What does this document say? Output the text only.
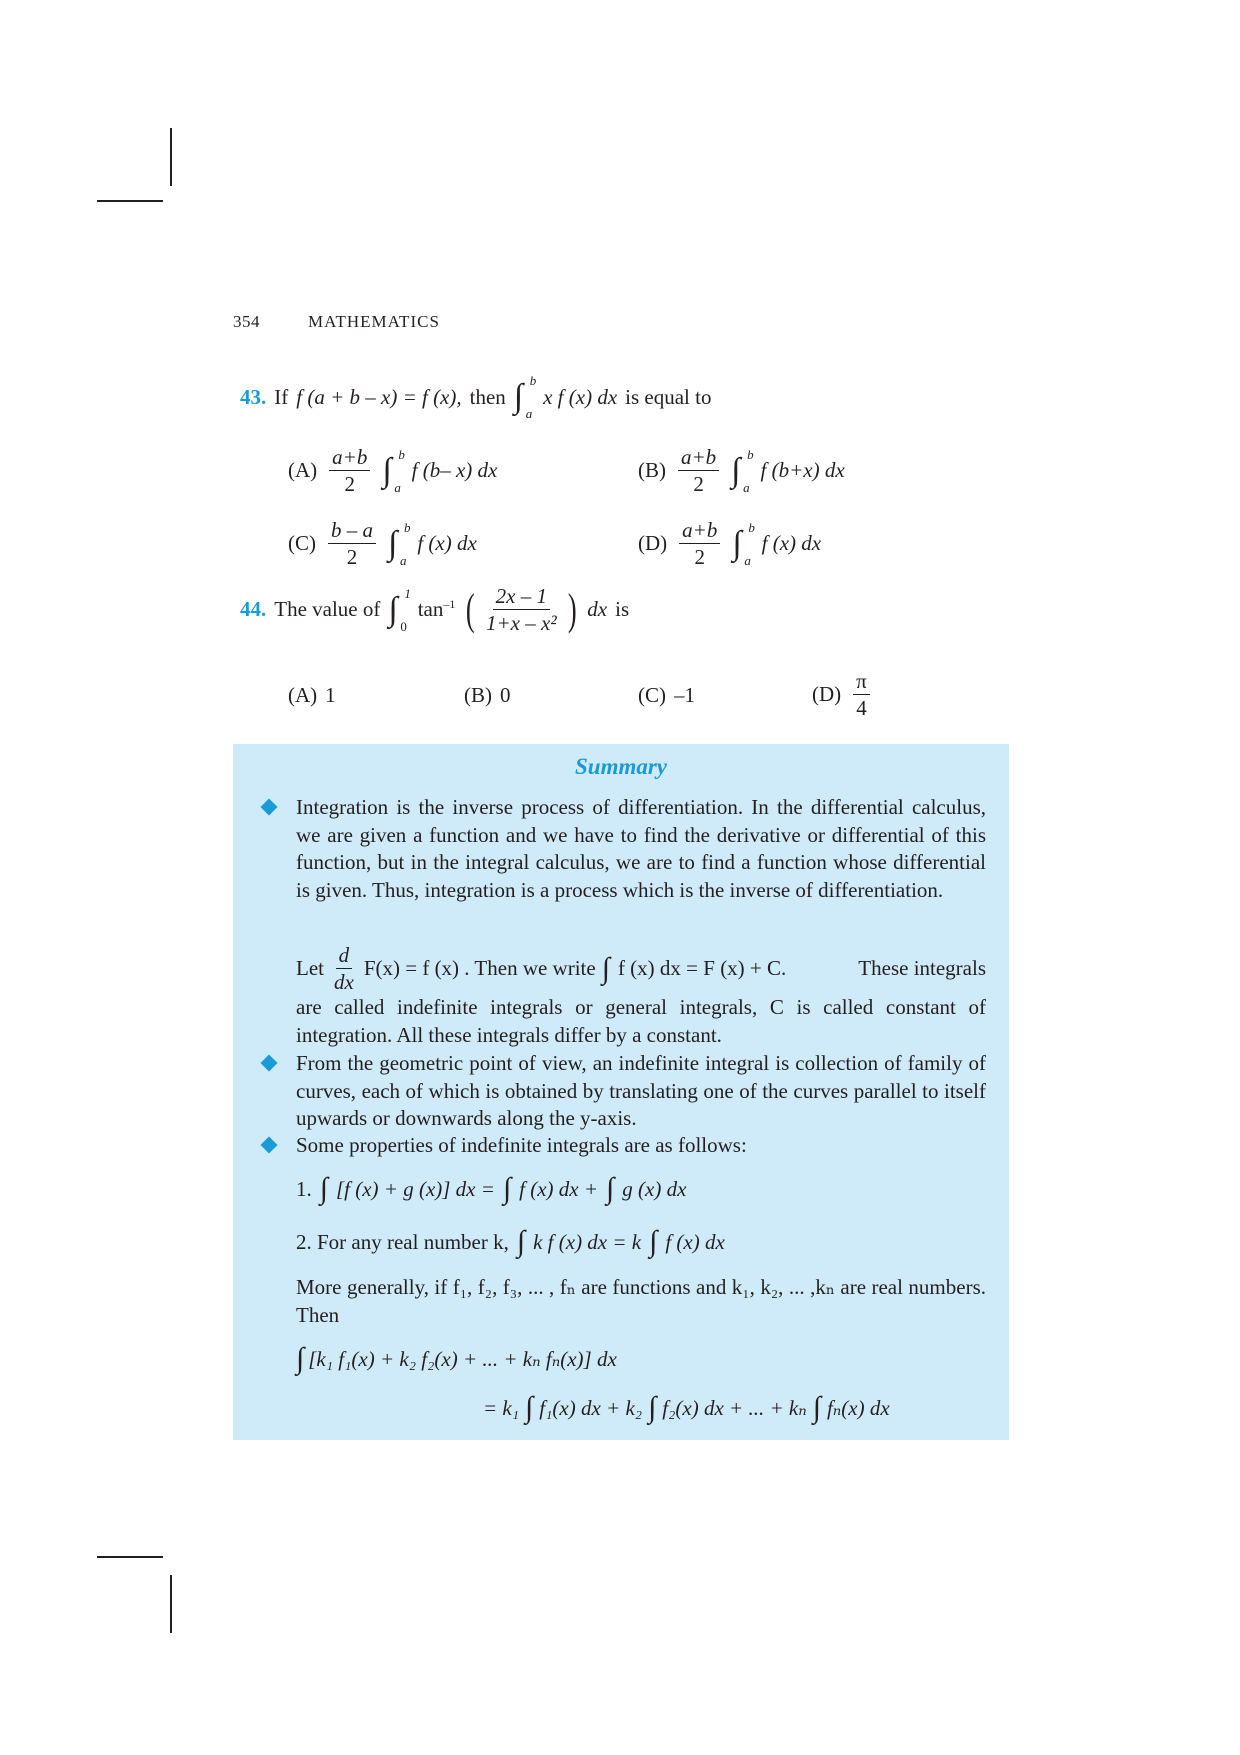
354	MATHEMATICS
43. If f (a + b – x) = f (x), then ∫ b
a
x f (x) dx is equal to
$(A) \frac{a+b}{2}$ ∫ b
a
f (b– x) dx	$(B) \frac{a+b}{2}$ ∫ b
a
f (b+x) dx
$(C) \frac{b - a}{2}$ ∫ b
a
f (x) dx	$(D) \frac{a+b}{2}$ ∫ b
a
f (x) dx
44. The value of ∫ 1
0
$\tan^{-1}$ ( $\frac{2x - 1}{\text{1+x – x²}}$ ) dx is
(A) 1	(B) 0	(C) –1	$(D) \frac{\pi}{4}$
Summary
Integration is the inverse process of differentiation. In the differential calculus, we are given a function and we have to find the derivative or differential of this function, but in the integral calculus, we are to find a function whose differential is given. Thus, integration is a process which is the inverse of differentiation.
Let $\frac{d}{dx} F(x) = f$ (x) . Then we write ∫ f (x) dx = F (x) + C.	These integrals
are called indefinite integrals or general integrals, C is called constant of integration. All these integrals differ by a constant.
From the geometric point of view, an indefinite integral is collection of family of curves, each of which is obtained by translating one of the curves parallel to itself upwards or downwards along the y-axis.
Some properties of indefinite integrals are as follows:
1. ∫ [f (x) + g (x)] dx = ∫ f (x) dx + ∫ g (x) dx
2. For any real number k, ∫ k f (x) dx = k ∫ f (x) dx
More generally, if f₁, f₂, f₃, ... , fₙ are functions and k₁, k₂, ... ,kₙ are real numbers. Then
∫ [k₁ f₁(x) + k₂ f₂(x) + ... + kₙ fₙ(x)] dx
= k₁ ∫ f₁(x) dx + k₂ ∫ f₂(x) dx + ... + kₙ ∫ fₙ(x) dx
